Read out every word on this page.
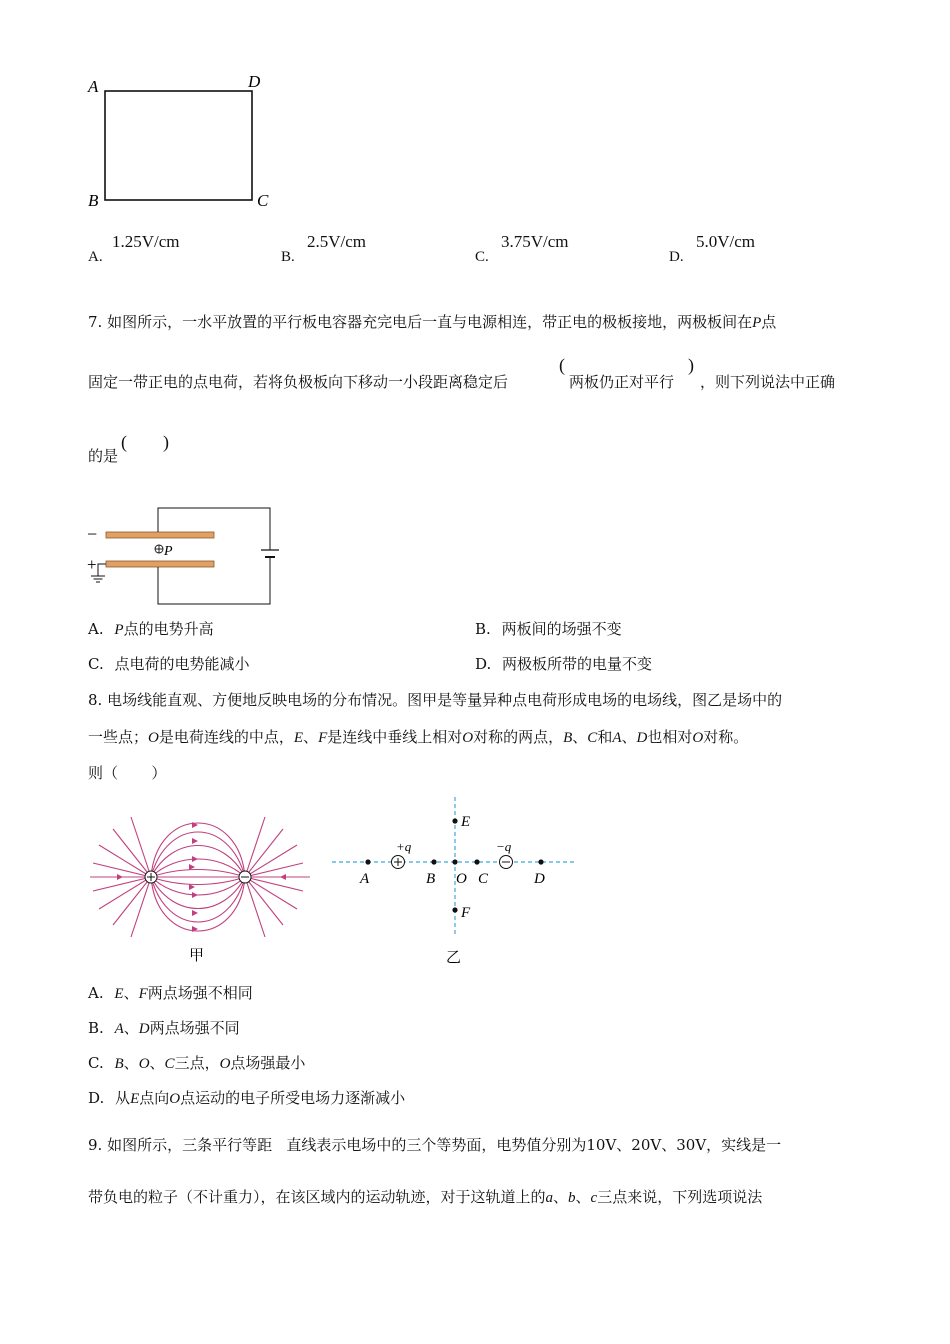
A	D
B	C
A.
1.25V/cm
B.
2.5V/cm
C.
3.75V/cm
D.
5.0V/cm
7. 如图所示，一水平放置的平行板电容器充完电后一直与电源相连，带正电的极板接地，两极板间在P点
固定一带正电的点电荷，若将负极板向下移动一小段距离稳定后
(
两板仍正对平行
)
，则下列说法中正确
的是
(        )
−
P
+
A. P点的电势升高	B. 两板间的场强不变
C. 点电荷的电势能减小	D. 两极板所带的电量不变
8. 电场线能直观、方便地反映电场的分布情况。图甲是等量异种点电荷形成电场的电场线，图乙是场中的
一些点；O是电荷连线的中点，E、F是连线中垂线上相对O对称的两点，B、C和A、D也相对O对称。
则（       ）
甲
A	B O C	D
E
F
+q	−q
乙
A. E、F两点场强不相同
B. A、D两点场强不同
C. B、O、C三点，O点场强最小
D. 从E点向O点运动的电子所受电场力逐渐减小
9. 如图所示，三条平行等距   直线表示电场中的三个等势面，电势值分别为10V、20V、30V，实线是一
带负电的粒子（不计重力），在该区域内的运动轨迹，对于这轨道上的a、b、c三点来说，下列选项说法
